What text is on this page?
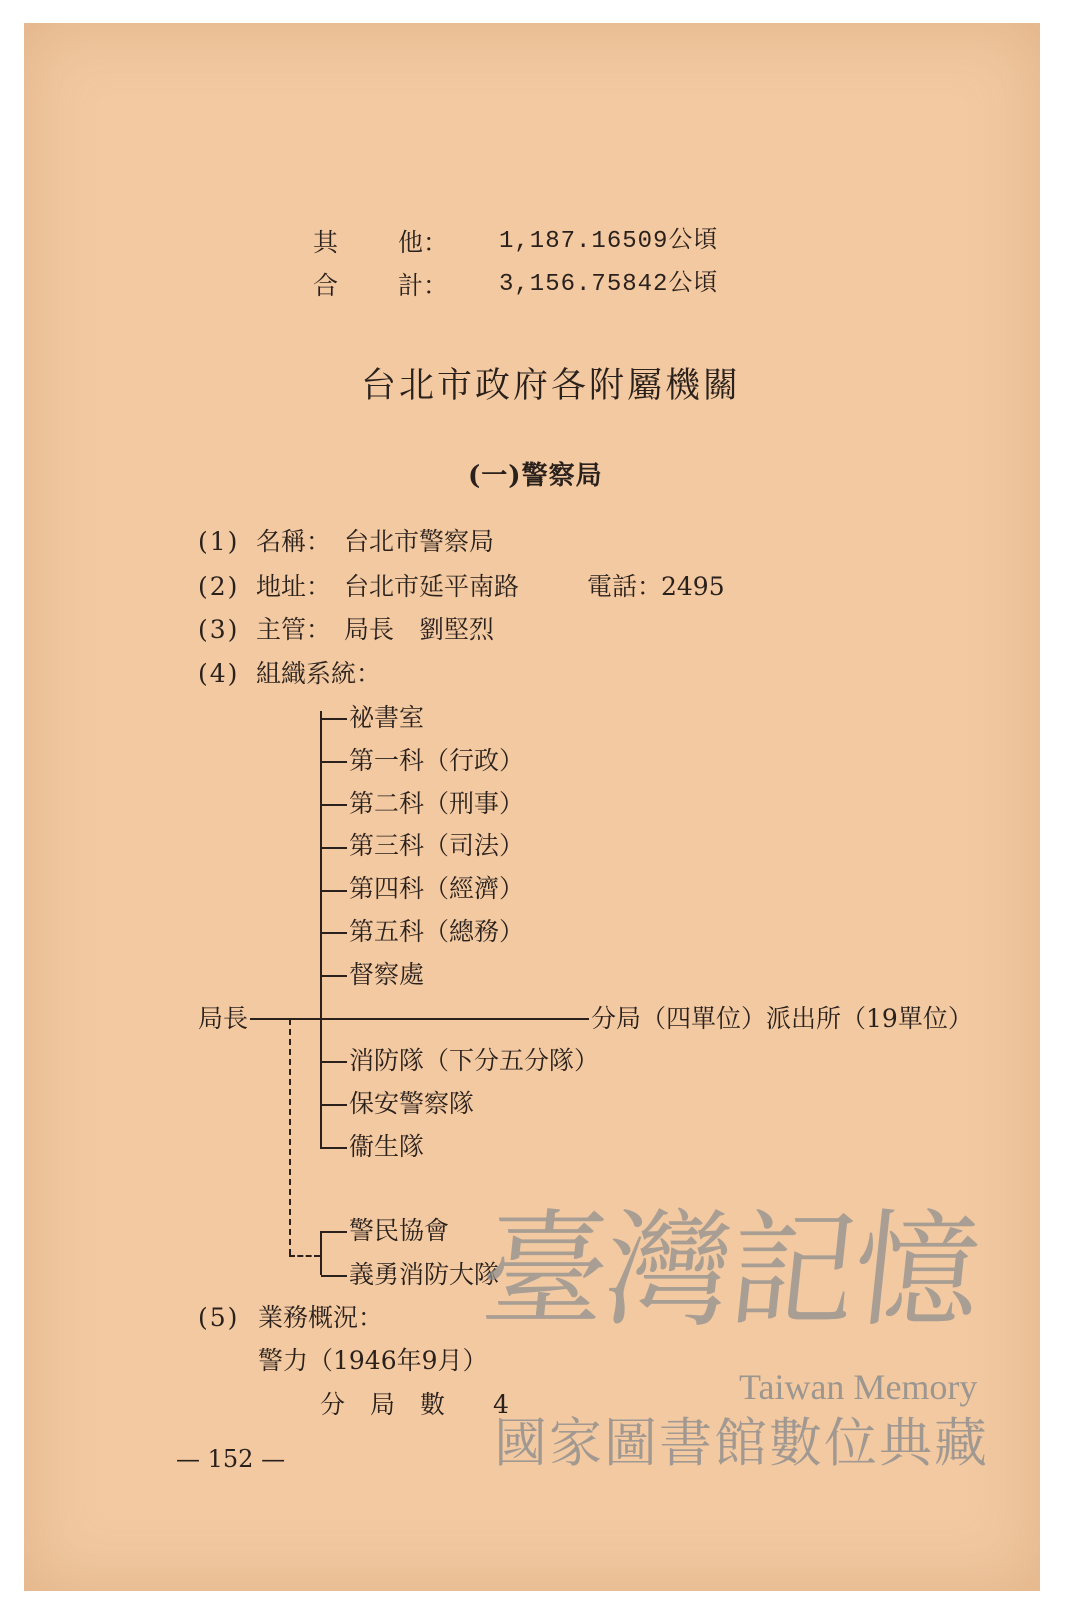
其 他： 1,187.16509公頃
合 計： 3,156.75842公頃
台北市政府各附屬機關
(一)警察局
(1) 名稱： 台北市警察局
(2) 地址： 台北市延平南路	電話：
2495
(3) 主管： 局長　劉堅烈
(4) 組織系統：
祕書室
第一科（行政）
第二科（刑事）
第三科（司法）
第四科（經濟）
第五科（總務）
督察處
局長	分局（四單位）派出所（19單位）
消防隊（下分五分隊）
保安警察隊
衞生隊
警民協會
義勇消防大隊
(5) 業務概況：
警力（1946年9月）
分　局　數 4
— 152 —
臺灣記憶
Taiwan Memory
國家圖書館數位典藏
